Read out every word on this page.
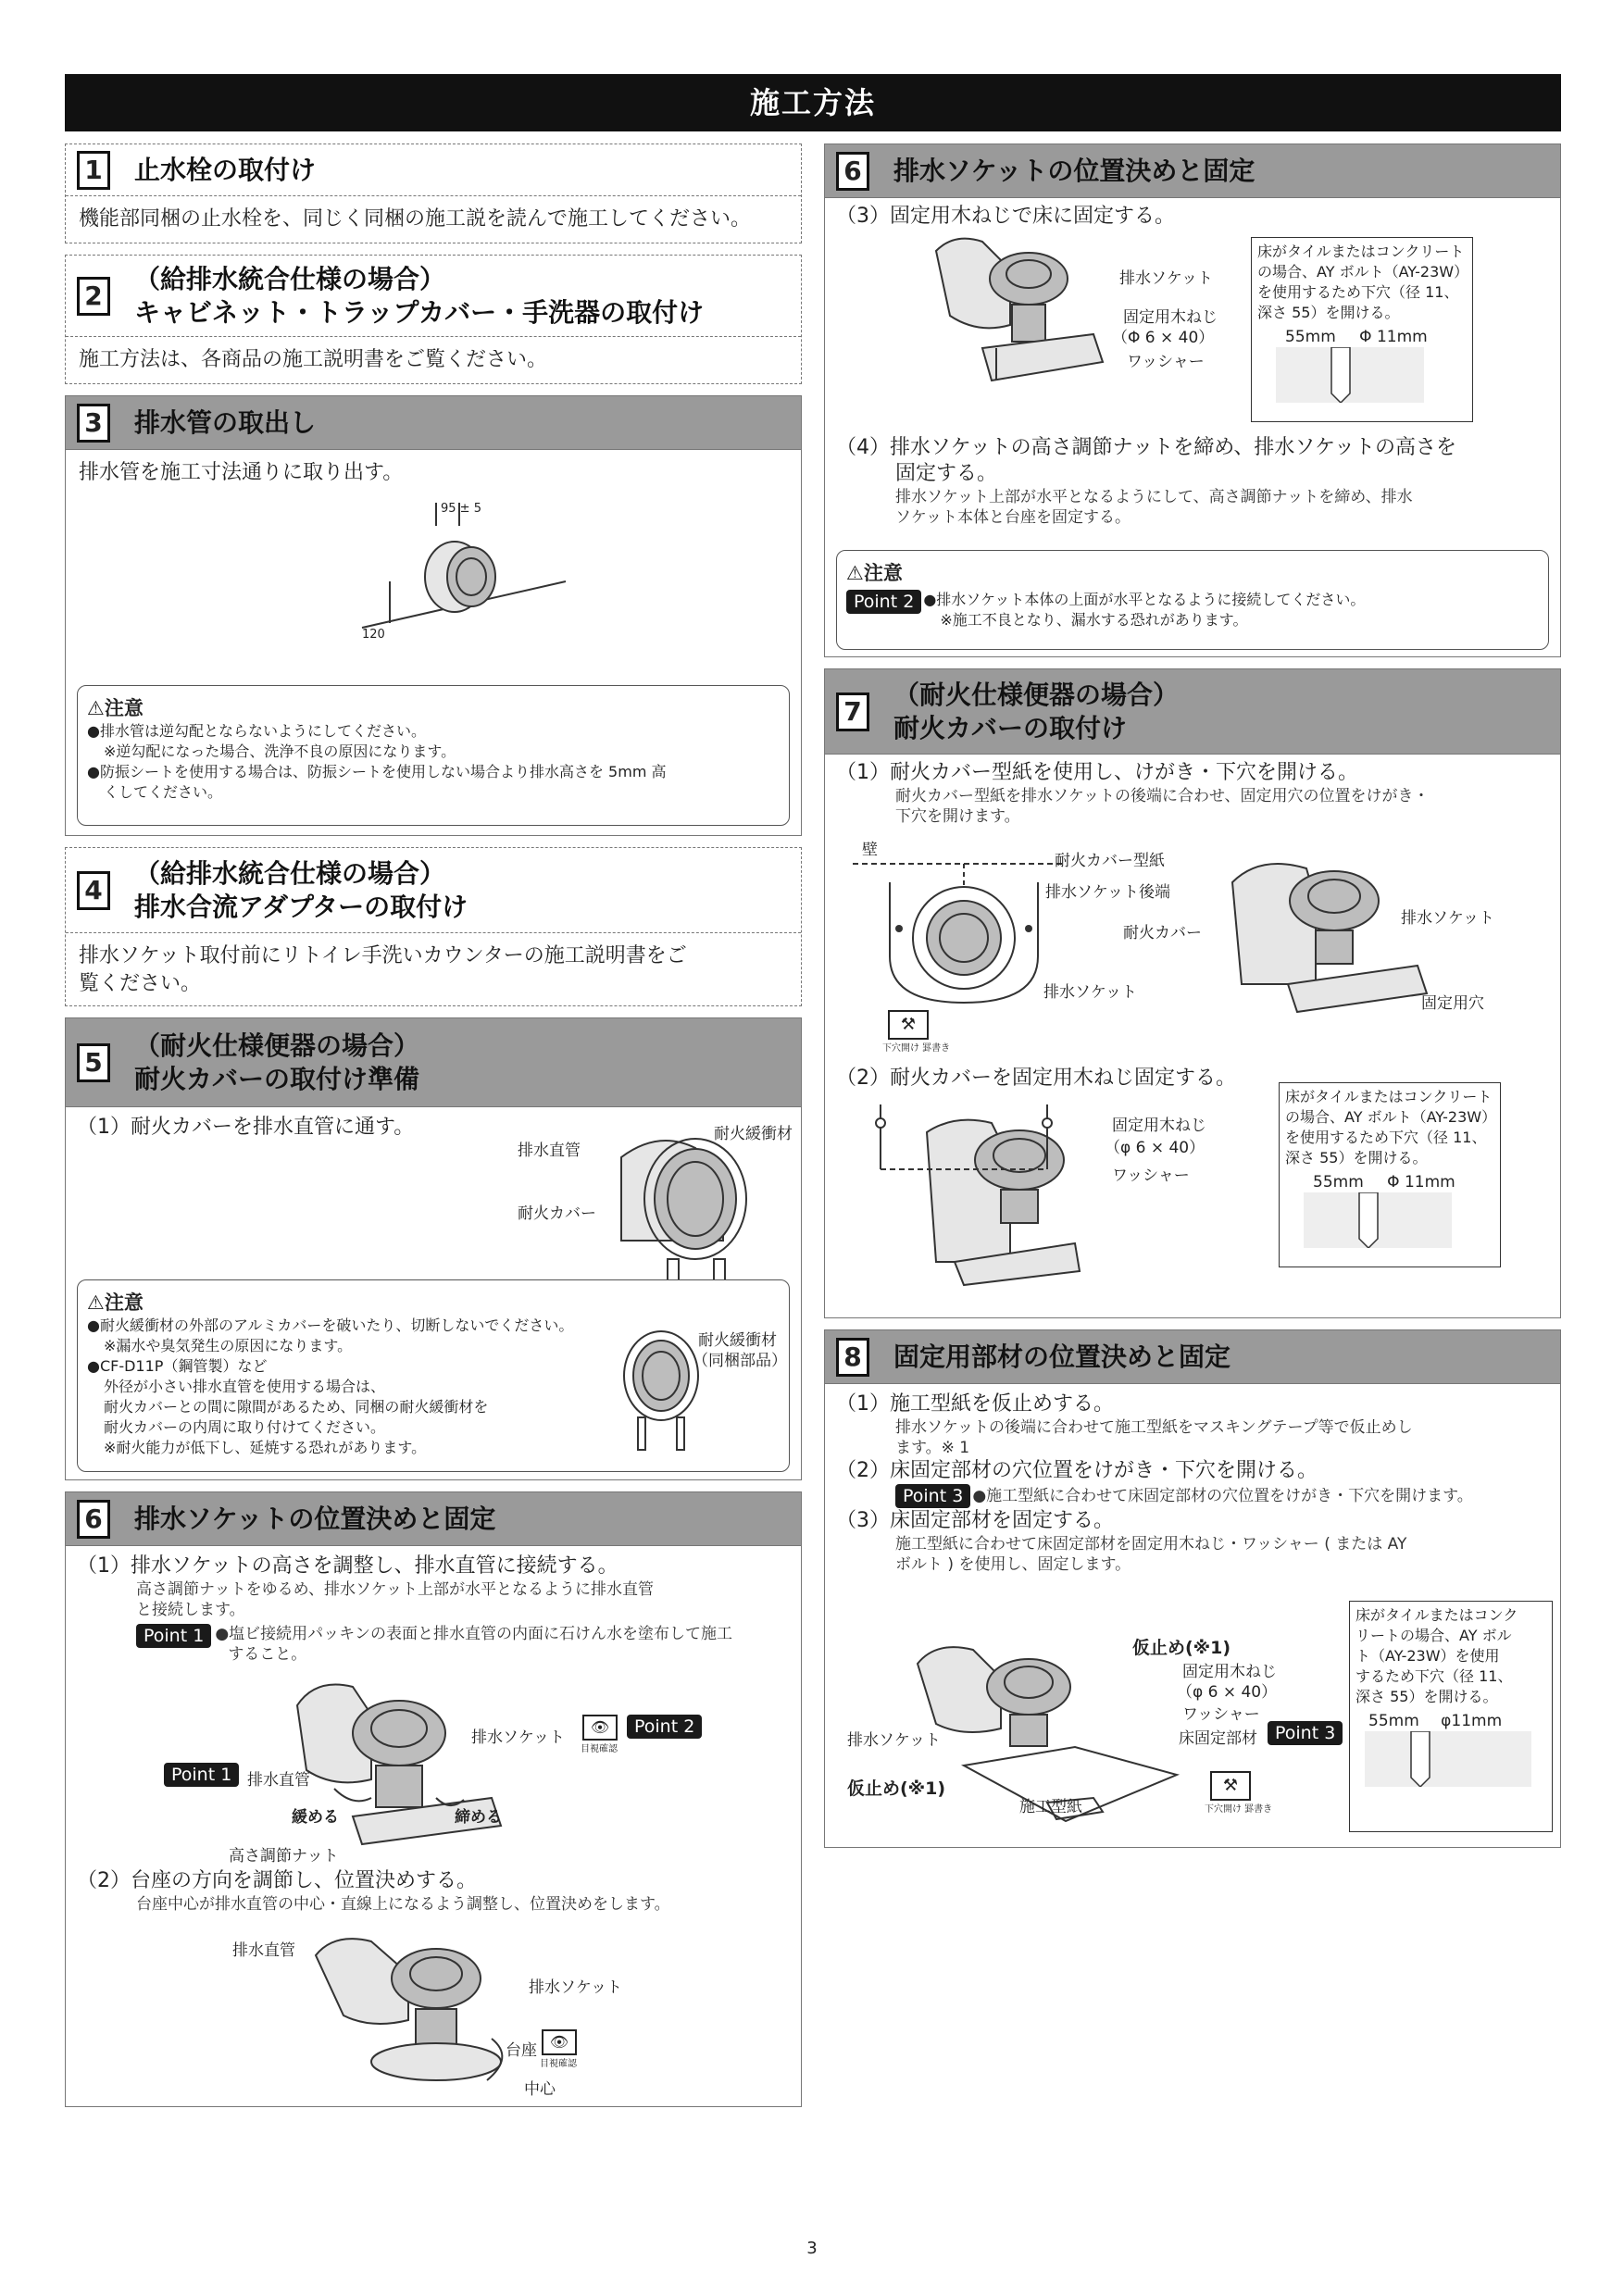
施工方法
1 止水栓の取付け
機能部同梱の止水栓を、同じく同梱の施工説を読んで施工してください。
2
（給排水統合仕様の場合）
キャビネット・トラップカバー・手洗器の取付け
施工方法は、各商品の施工説明書をご覧ください。
3 排水管の取出し
排水管を施工寸法通りに取り出す。
95 ± 5
120
⚠注意
●排水管は逆勾配とならないようにしてください。
※逆勾配になった場合、洗浄不良の原因になります。
●防振シートを使用する場合は、防振シートを使用しない場合より排水高さを 5mm 高
くしてください。
4
（給排水統合仕様の場合）
排水合流アダプターの取付け
排水ソケット取付前にリトイレ手洗いカウンターの施工説明書をご
覧ください。
5
（耐火仕様便器の場合）
耐火カバーの取付け準備
（1）耐火カバーを排水直管に通す。
排水直管
耐火カバー
耐火緩衝材
⚠注意
●耐火緩衝材の外部のアルミカバーを破いたり、切断しないでください。
※漏水や臭気発生の原因になります。
●CF-D11P（鋼管製）など
外径が小さい排水直管を使用する場合は、
耐火カバーとの間に隙間があるため、同梱の耐火緩衝材を
耐火カバーの内周に取り付けてください。
※耐火能力が低下し、延焼する恐れがあります。
耐火緩衝材
（同梱部品）
6 排水ソケットの位置決めと固定
（1）排水ソケットの高さを調整し、排水直管に接続する。
高さ調節ナットをゆるめ、排水ソケット上部が水平となるように排水直管
と接続します。
Point 1 ●塩ビ接続用パッキンの表面と排水直管の内面に石けん水を塗布して施工
すること。
排水ソケット
👁
目視確認
Point 2
Point 1 排水直管
緩める	締める
高さ調節ナット
（2）台座の方向を調節し、位置決めする。
台座中心が排水直管の中心・直線上になるよう調整し、位置決めをします。
排水直管
排水ソケット
台座 👁
目視確認
中心
6 排水ソケットの位置決めと固定
（3）固定用木ねじで床に固定する。
排水ソケット
固定用木ねじ
（Φ 6 × 40）
ワッシャー
床がタイルまたはコンクリート
の場合、AY ボルト（AY-23W）
を使用するため下穴（径 11、
深さ 55）を開ける。
55mm Φ 11mm
（4）排水ソケットの高さ調節ナットを締め、排水ソケットの高さを
固定する。
排水ソケット上部が水平となるようにして、高さ調節ナットを締め、排水
ソケット本体と台座を固定する。
⚠注意
Point 2 ●排水ソケット本体の上面が水平となるように接続してください。
※施工不良となり、漏水する恐れがあります。
7
（耐火仕様便器の場合）
耐火カバーの取付け
（1）耐火カバー型紙を使用し、けがき・下穴を開ける。
耐火カバー型紙を排水ソケットの後端に合わせ、固定用穴の位置をけがき・
下穴を開けます。
壁
耐火カバー型紙
排水ソケット後端
耐火カバー
排水ソケット
⚒
下穴開け 罫書き
排水ソケット
固定用穴
（2）耐火カバーを固定用木ねじ固定する。
固定用木ねじ
（φ 6 × 40）
ワッシャー
床がタイルまたはコンクリート
の場合、AY ボルト（AY-23W）
を使用するため下穴（径 11、
深さ 55）を開ける。
55mm Φ 11mm
8 固定用部材の位置決めと固定
（1）施工型紙を仮止めする。
排水ソケットの後端に合わせて施工型紙をマスキングテープ等で仮止めし
ます。※ 1
（2）床固定部材の穴位置をけがき・下穴を開ける。
Point 3 ●施工型紙に合わせて床固定部材の穴位置をけがき・下穴を開けます。
（3）床固定部材を固定する。
施工型紙に合わせて床固定部材を固定用木ねじ・ワッシャー ( または AY
ボルト ) を使用し、固定します。
仮止め(※1)
固定用木ねじ
（φ 6 × 40）
ワッシャー
床固定部材	Point 3
排水ソケット
仮止め(※1)
施工型紙
⚒
下穴開け 罫書き
床がタイルまたはコンク
リートの場合、AY ボル
ト（AY-23W）を使用
するため下穴（径 11、
深さ 55）を開ける。
55mm φ11mm
3
